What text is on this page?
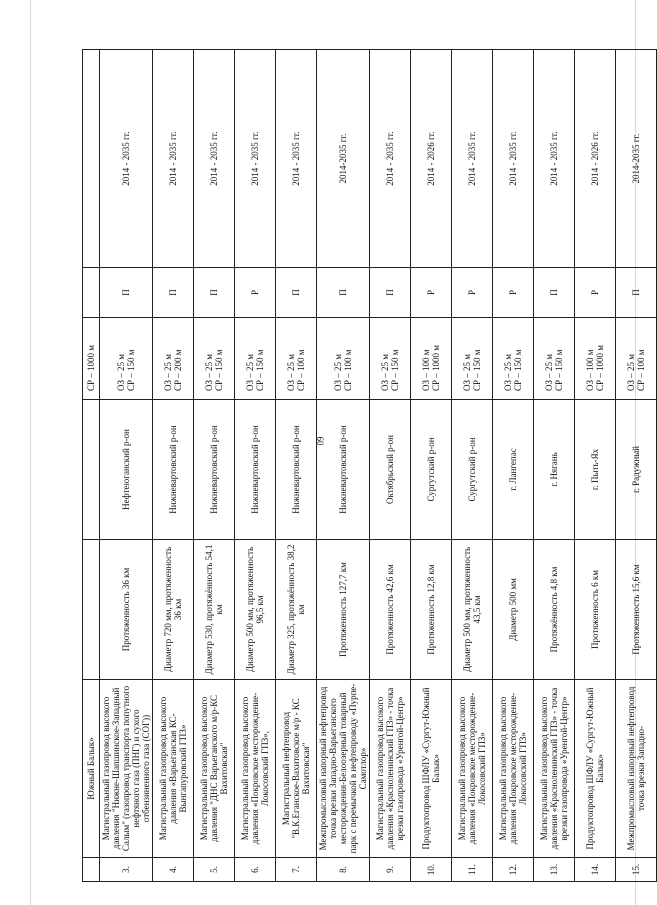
60
	Южный Балык»			СР – 1000 м		
3.	Магистральный газопровод высокого давления "Нижне-Шапшинское-Западный Салым" (газопровод транспорта попутного нефтяного газа (ПНГ) и сухого отбензиненного газа (СОГ))	Протяженность 36 км	Нефтеюганский р-он	ОЗ – 25 м СР – 150 м	П	2014 - 2035 гг.
4.	Магистральный газопровод высокого давления «Варьеганская КС-Вынгапуровский ГПЗ»	Диаметр 720 мм, протяженность 36 км	Нижневартовский р-он	ОЗ – 25 м СР – 200 м	П	2014 - 2035 гг.
5.	Магистральный газопровод высокого давления "ДНС Варьеганского м/р-КС Вахитовская"	Диаметр 530, протяжённость 54,1 км	Нижневартовский р-он	ОЗ – 25 м СР – 150 м	П	2014 - 2035 гг.
6.	Магистральный газопровод высокого давления «Покровское месторождение-Локосовский ГПЗ»,	Диаметр 500 мм, протяженность 96,5 км	Нижневартовский р-он	ОЗ – 25 м СР – 150 м	Р	2014 - 2035 гг.
7.	Магистральный нефтепровод "В.К.Еганское-Вахитовское м/р - КС Вахитовская"	Диаметр 325, протяжённость 38,2 км	Нижневартовский р-он	ОЗ – 25 м СР – 100 м	П	2014 - 2035 гг.
8.	Межпромысловый напорный нефтепровод точка врезки Западно-Варьеганского месторождения-Белоозерный товарный парк с перемычкой в нефтепроводу «Пурпе-Самотлор»	Протяженность 127,7 км	Нижневартовский р-он	ОЗ – 25 м СР – 100 м	П	2014-2035 гг.
9.	Магистральный газопровод высокого давления «Красноленинский ГПЗ» - точка врезки газопровода «Уренгой-Центр»	Протяженность 42,6 км	Октябрьский р-он	ОЗ – 25 м СР – 150 м	П	2014 - 2035 гг.
10.	Продуктопровод ШФЛУ «Сургут-Южный Балык»	Протяженность 12,8 км	Сургутский р-он	ОЗ – 100 м СР – 1000 м	Р	2014 - 2026 гг.
11.	Магистральный газопровод высокого давления «Покровское месторождение-Локосовский ГПЗ»	Диаметр 500 мм, протяженность 43,5 км	Сургутский р-он	ОЗ – 25 м СР – 150 м	Р	2014 - 2035 гг.
12.	Магистральный газопровод высокого давления «Покровское месторождение-Локосовский ГПЗ»	Диаметр 500 мм	г. Лангепас	ОЗ – 25 м СР – 150 м	Р	2014 - 2035 гг.
13.	Магистральный газопровод высокого давления «Красноленинский ГПЗ» - точка врезки газопровода «Уренгой-Центр»	Протяжённость 4,8 км	г. Нягань	ОЗ – 25 м СР – 150 м	П	2014 - 2035 гг.
14.	Продуктопровод ШФЛУ «Сургут-Южный Балык»	Протяженность 6 км	г. Пыть-Ях	ОЗ – 100 м СР – 1000 м	Р	2014 - 2026 гг.
15.	Межпромысловый напорный нефтепровод точка врезки Западно-	Протяженность 15,6 км	г. Радужный	ОЗ – 25 м СР – 100 м	П	2014-2035 гг.
